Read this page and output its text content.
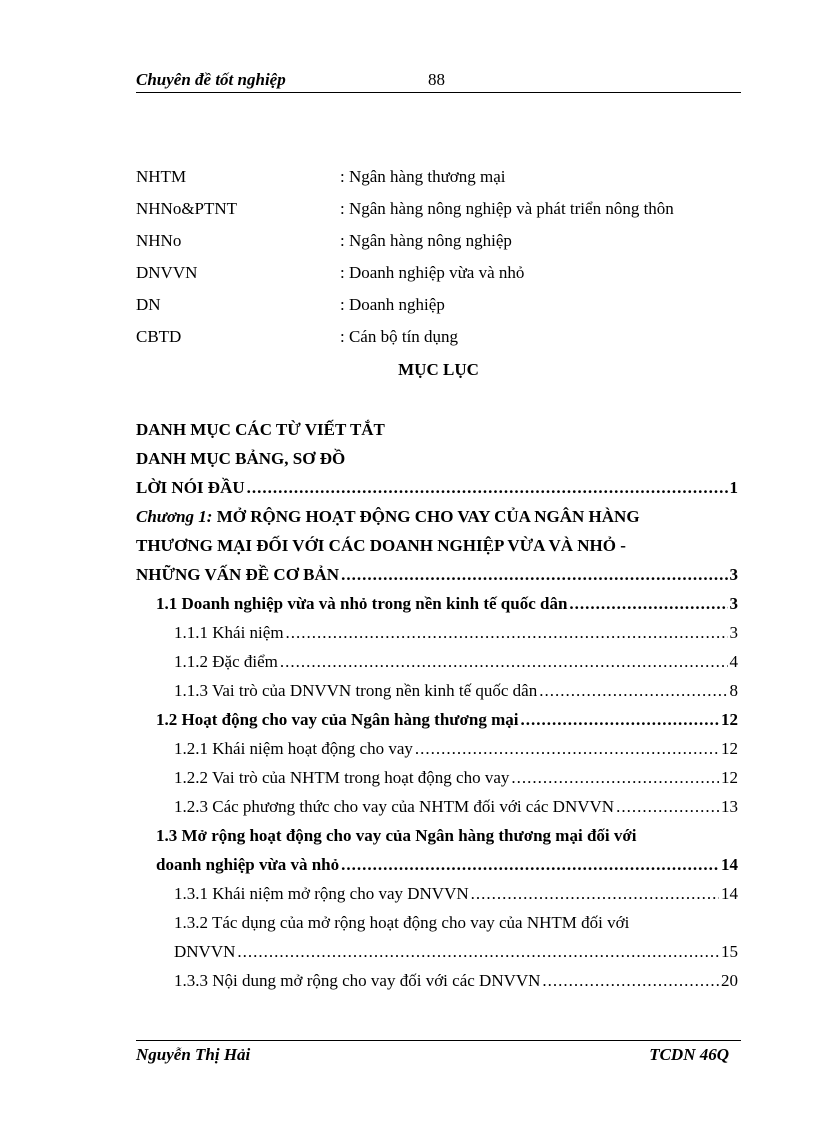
Chuyên đề tốt nghiệp	88
NHTM	: Ngân hàng thương mại
NHNo&PTNT	: Ngân hàng nông nghiệp và phát triển nông thôn
NHNo	: Ngân hàng nông nghiệp
DNVVN	: Doanh nghiệp vừa và nhỏ
DN	: Doanh nghiệp
CBTD	: Cán bộ tín dụng
MỤC LỤC
DANH MỤC CÁC TỪ VIẾT TẮT
DANH MỤC BẢNG, SƠ ĐỒ
LỜI NÓI ĐẦU .....	1
Chương 1: MỞ RỘNG HOẠT ĐỘNG CHO VAY CỦA NGÂN HÀNG
THƯƠNG MẠI ĐỐI VỚI CÁC DOANH NGHIỆP VỪA VÀ NHỎ -
NHỮNG VẤN ĐỀ CƠ BẢN .....	3
1.1 Doanh nghiệp vừa và nhỏ trong nền kinh tế quốc dân .....	3
1.1.1 Khái niệm .....	3
1.1.2 Đặc điểm .....	4
1.1.3 Vai trò của DNVVN trong nền kinh tế quốc dân .....	8
1.2 Hoạt động cho vay của Ngân hàng thương mại .....	12
1.2.1 Khái niệm hoạt động cho vay .....	12
1.2.2 Vai trò của NHTM trong hoạt động cho vay .....	12
1.2.3 Các phương thức cho vay của NHTM đối với các DNVVN .....	13
1.3 Mở rộng hoạt động cho vay của Ngân hàng thương mại đối với
doanh nghiệp vừa và nhỏ .....	14
1.3.1 Khái niệm mở rộng cho vay DNVVN .....	14
1.3.2 Tác dụng của mở rộng hoạt động cho vay của NHTM đối với
DNVVN .....	15
1.3.3 Nội dung mở rộng cho vay đối với các DNVVN .....	20
Nguyễn Thị Hải	TCDN 46Q
